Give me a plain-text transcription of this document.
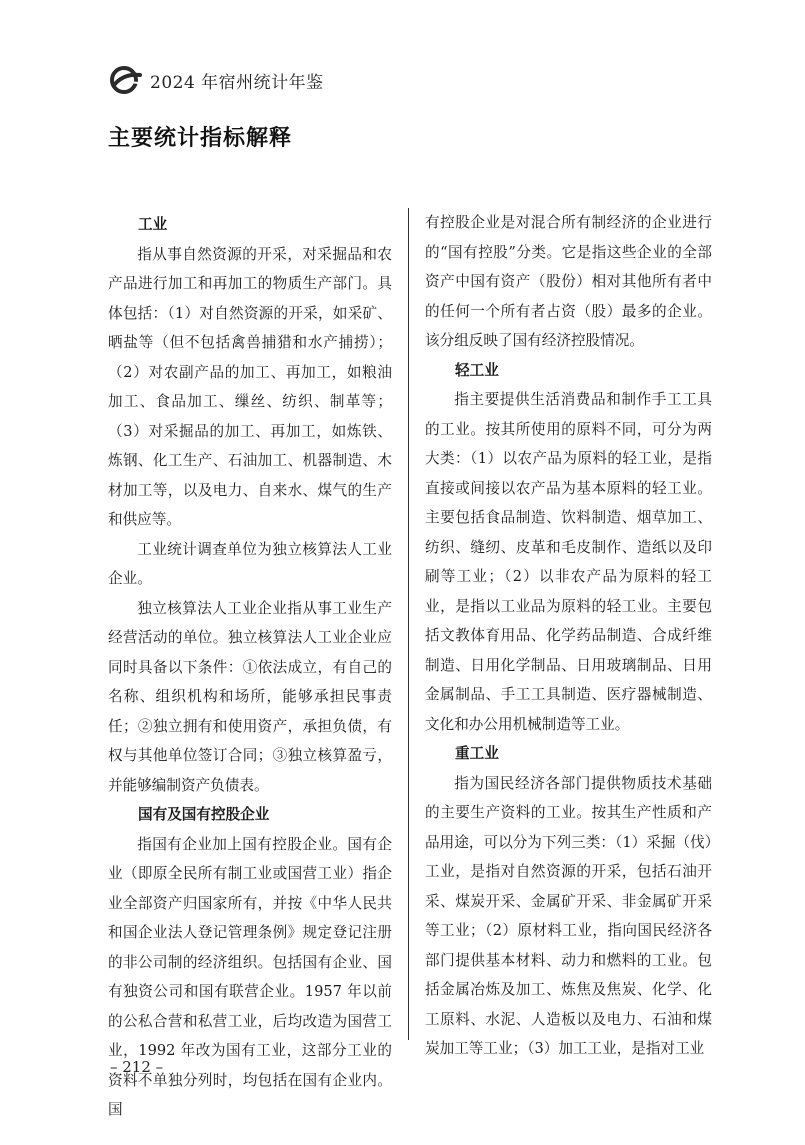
2024 年宿州统计年鉴
主要统计指标解释

工业

指从事自然资源的开采，对采掘品和农产品进行加工和再加工的物质生产部门。具体包括：（1）对自然资源的开采，如采矿、晒盐等（但不包括禽兽捕猎和水产捕捞）；（2）对农副产品的加工、再加工，如粮油加工、食品加工、缫丝、纺织、制革等；（3）对采掘品的加工、再加工，如炼铁、炼钢、化工生产、石油加工、机器制造、木材加工等，以及电力、自来水、煤气的生产和供应等。

工业统计调查单位为独立核算法人工业企业。

独立核算法人工业企业指从事工业生产经营活动的单位。独立核算法人工业企业应同时具备以下条件：①依法成立，有自己的名称、组织机构和场所，能够承担民事责任；②独立拥有和使用资产，承担负债，有权与其他单位签订合同；③独立核算盈亏，并能够编制资产负债表。

国有及国有控股企业

指国有企业加上国有控股企业。国有企业（即原全民所有制工业或国营工业）指企业全部资产归国家所有，并按《中华人民共和国企业法人登记管理条例》规定登记注册的非公司制的经济组织。包括国有企业、国有独资公司和国有联营企业。1957 年以前的公私合营和私营工业，后均改造为国营工业，1992 年改为国有工业，这部分工业的资料不单独分列时，均包括在国有企业内。国

有控股企业是对混合所有制经济的企业进行的“国有控股”分类。它是指这些企业的全部资产中国有资产（股份）相对其他所有者中的任何一个所有者占资（股）最多的企业。该分组反映了国有经济控股情况。

轻工业

指主要提供生活消费品和制作手工工具的工业。按其所使用的原料不同，可分为两大类：（1）以农产品为原料的轻工业，是指直接或间接以农产品为基本原料的轻工业。主要包括食品制造、饮料制造、烟草加工、纺织、缝纫、皮革和毛皮制作、造纸以及印刷等工业；（2）以非农产品为原料的轻工业，是指以工业品为原料的轻工业。主要包括文教体育用品、化学药品制造、合成纤维制造、日用化学制品、日用玻璃制品、日用金属制品、手工工具制造、医疗器械制造、文化和办公用机械制造等工业。

重工业

指为国民经济各部门提供物质技术基础的主要生产资料的工业。按其生产性质和产品用途，可以分为下列三类：（1）采掘（伐）工业，是指对自然资源的开采，包括石油开采、煤炭开采、金属矿开采、非金属矿开采等工业；（2）原材料工业，指向国民经济各部门提供基本材料、动力和燃料的工业。包括金属冶炼及加工、炼焦及焦炭、化学、化工原料、水泥、人造板以及电力、石油和煤炭加工等工业；（3）加工工业，是指对工业

– 212 –
